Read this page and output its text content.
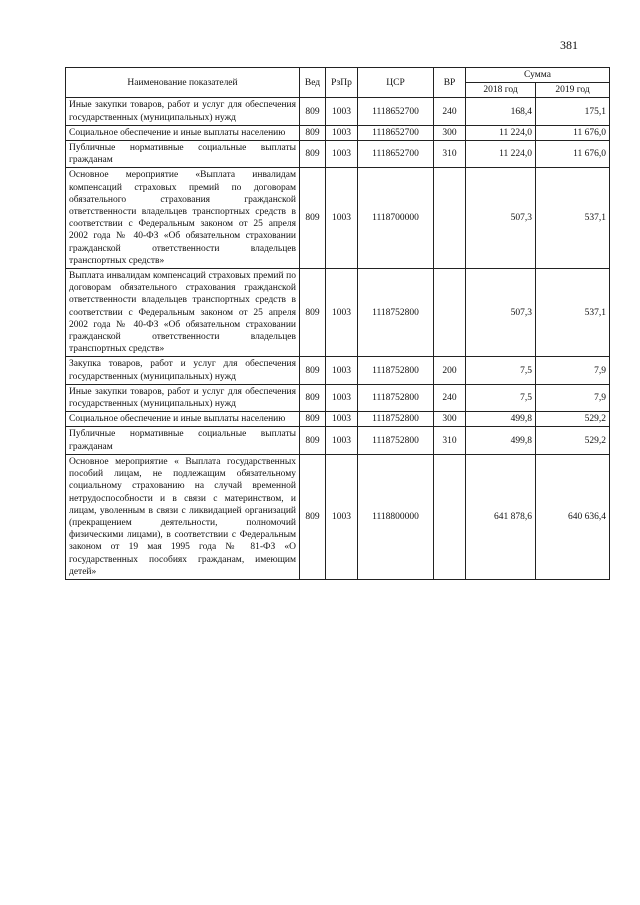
381
Наименование показателей	Вед	РзПр	ЦСР	ВР	Сумма	
					2018 год	2019 год
Иные закупки товаров, работ и услуг для обеспечения государственных (муниципальных) нужд	809	1003	1118652700	240	168,4	175,1
Социальное обеспечение и иные выплаты населению	809	1003	1118652700	300	11 224,0	11 676,0
Публичные нормативные социальные выплаты гражданам	809	1003	1118652700	310	11 224,0	11 676,0
Основное мероприятие «Выплата инвалидам компенсаций страховых премий по договорам обязательного страхования гражданской ответственности владельцев транспортных средств в соответствии с Федеральным законом от 25 апреля 2002 года № 40-ФЗ «Об обязательном страховании гражданской ответственности владельцев транспортных средств»	809	1003	1118700000		507,3	537,1
Выплата инвалидам компенсаций страховых премий по договорам обязательного страхования гражданской ответственности владельцев транспортных средств в соответствии с Федеральным законом от 25 апреля 2002 года № 40-ФЗ «Об обязательном страховании гражданской ответственности владельцев транспортных средств»	809	1003	1118752800		507,3	537,1
Закупка товаров, работ и услуг для обеспечения государственных (муниципальных) нужд	809	1003	1118752800	200	7,5	7,9
Иные закупки товаров, работ и услуг для обеспечения государственных (муниципальных) нужд	809	1003	1118752800	240	7,5	7,9
Социальное обеспечение и иные выплаты населению	809	1003	1118752800	300	499,8	529,2
Публичные нормативные социальные выплаты гражданам	809	1003	1118752800	310	499,8	529,2
Основное мероприятие « Выплата государственных пособий лицам, не подлежащим обязательному социальному страхованию на случай временной нетрудоспособности и в связи с материнством, и лицам, уволенным в связи с ликвидацией организаций (прекращением деятельности, полномочий физическими лицами), в соответствии с Федеральным законом от 19 мая 1995 года № 81-ФЗ «О государственных пособиях гражданам, имеющим детей»	809	1003	1118800000		641 878,6	640 636,4
